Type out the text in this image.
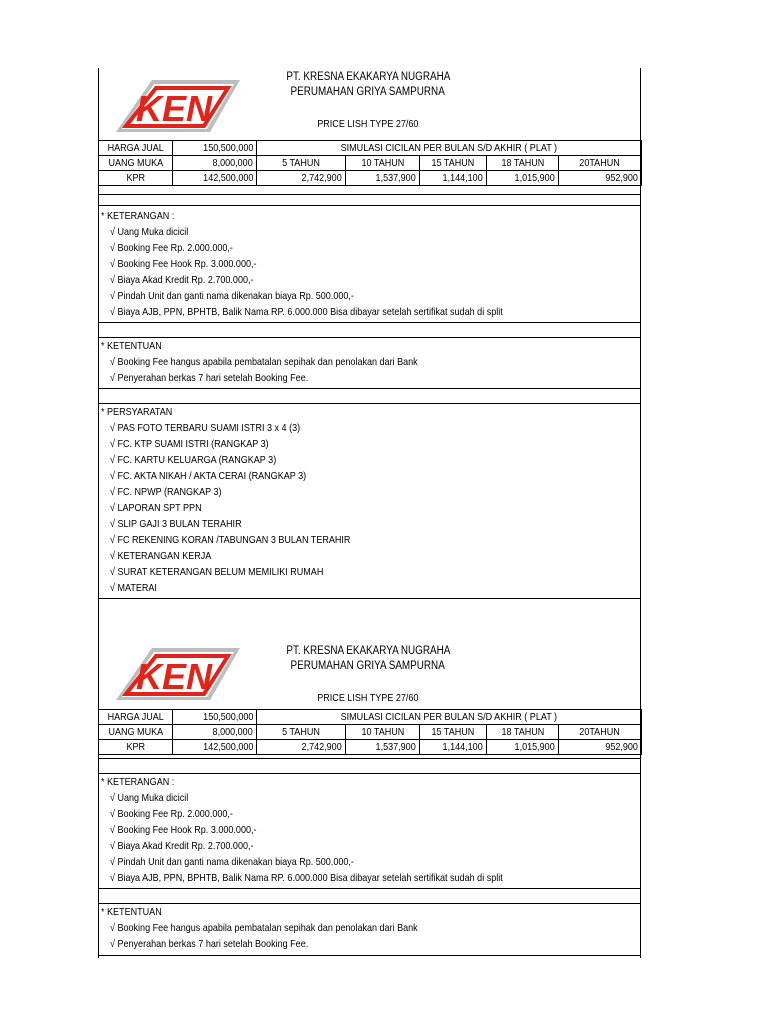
KEN
PT. KRESNA EKAKARYA NUGRAHA
PERUMAHAN GRIYA SAMPURNA
PRICE LISH TYPE 27/60
HARGA JUAL	150,500,000	SIMULASI CICILAN PER BULAN S/D AKHIR ( PLAT )				
UANG MUKA	8,000,000	5 TAHUN	10 TAHUN	15 TAHUN	18 TAHUN	20TAHUN
KPR	142,500,000	2,742,900	1,537,900	1,144,100	1,015,900	952,900
* KETERANGAN :
√ Uang Muka dicicil
√ Booking Fee Rp. 2.000.000,-
√ Booking Fee Hook Rp. 3.000.000,-
√ Biaya Akad Kredit Rp. 2.700.000,-
√ Pindah Unit dan ganti nama dikenakan biaya Rp. 500.000,-
√ Biaya AJB, PPN, BPHTB, Balik Nama RP. 6.000.000 Bisa dibayar setelah sertifikat sudah di split
* KETENTUAN
√ Booking Fee hangus apabila pembatalan sepihak dan penolakan dari Bank
√ Penyerahan berkas 7 hari setelah Booking Fee.
* PERSYARATAN
√ PAS FOTO TERBARU SUAMI ISTRI 3 x 4 (3)
√ FC. KTP SUAMI ISTRI (RANGKAP 3)
√ FC. KARTU KELUARGA (RANGKAP 3)
√ FC. AKTA NIKAH / AKTA CERAI (RANGKAP 3)
√ FC. NPWP (RANGKAP 3)
√ LAPORAN SPT PPN
√ SLIP GAJI 3 BULAN TERAHIR
√ FC REKENING KORAN /TABUNGAN 3 BULAN TERAHIR
√ KETERANGAN KERJA
√ SURAT KETERANGAN BELUM MEMILIKI RUMAH
√ MATERAI
KEN
PT. KRESNA EKAKARYA NUGRAHA
PERUMAHAN GRIYA SAMPURNA
PRICE LISH TYPE 27/60
HARGA JUAL	150,500,000	SIMULASI CICILAN PER BULAN S/D AKHIR ( PLAT )				
UANG MUKA	8,000,000	5 TAHUN	10 TAHUN	15 TAHUN	18 TAHUN	20TAHUN
KPR	142,500,000	2,742,900	1,537,900	1,144,100	1,015,900	952,900
* KETERANGAN :
√ Uang Muka dicicil
√ Booking Fee Rp. 2.000.000,-
√ Booking Fee Hook Rp. 3.000.000,-
√ Biaya Akad Kredit Rp. 2.700.000,-
√ Pindah Unit dan ganti nama dikenakan biaya Rp. 500.000,-
√ Biaya AJB, PPN, BPHTB, Balik Nama RP. 6.000.000 Bisa dibayar setelah sertifikat sudah di split
* KETENTUAN
√ Booking Fee hangus apabila pembatalan sepihak dan penolakan dari Bank
√ Penyerahan berkas 7 hari setelah Booking Fee.
